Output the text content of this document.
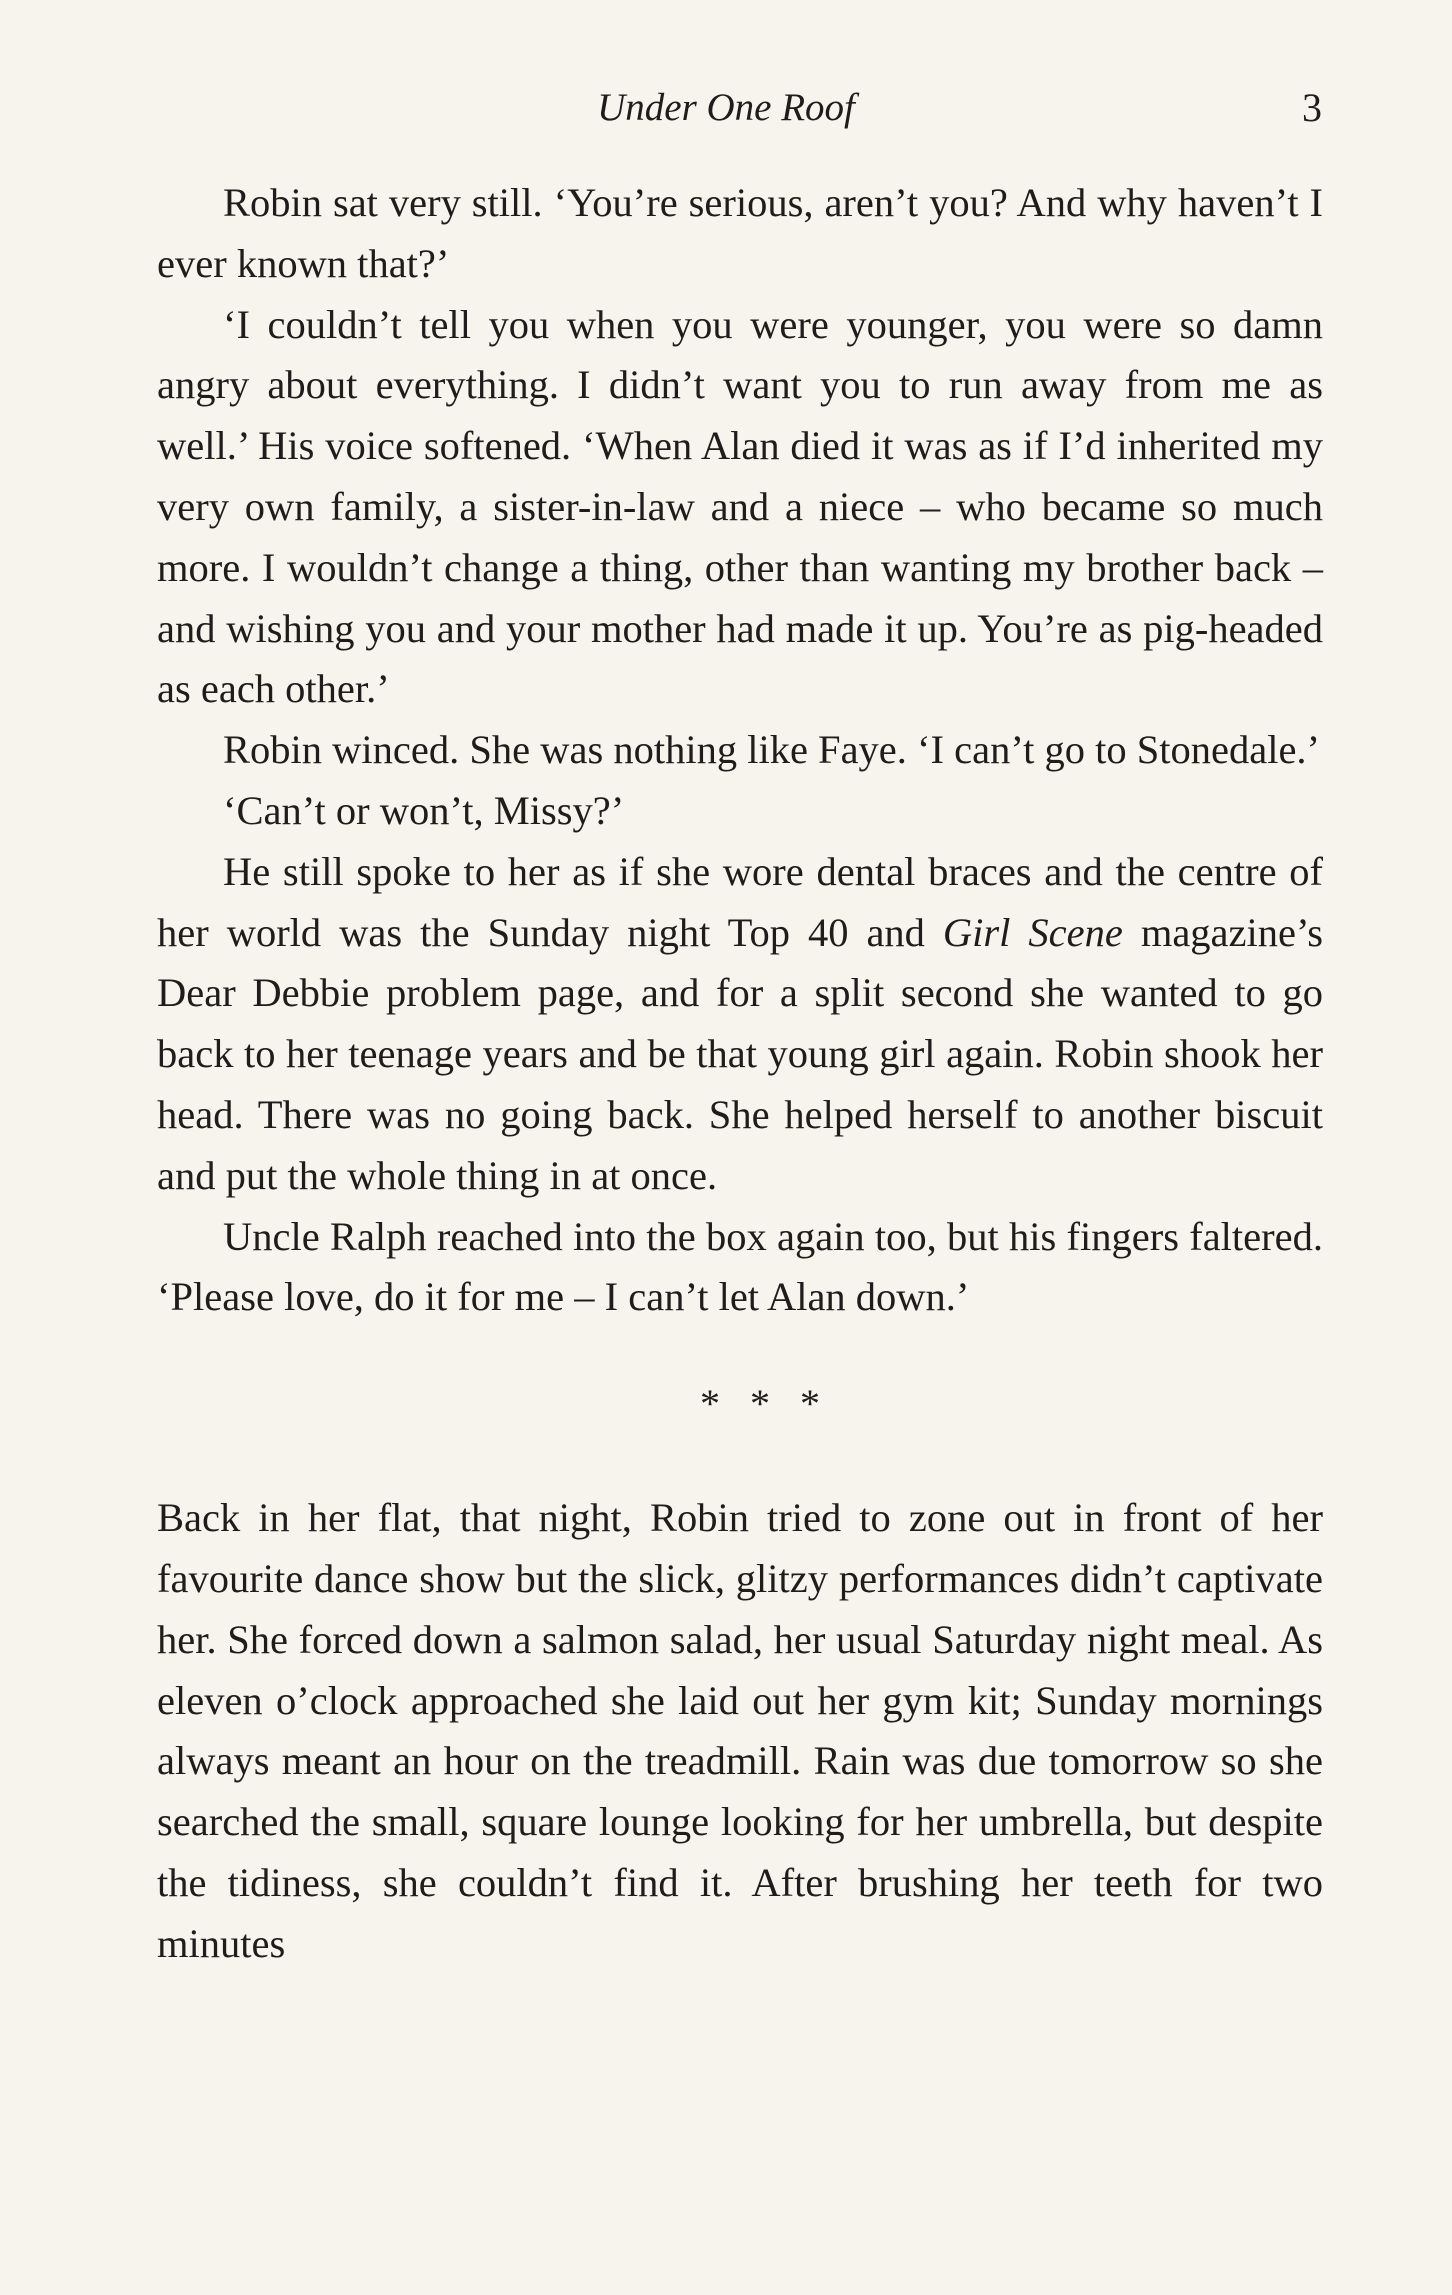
Under One Roof	3

Robin sat very still. ‘You’re serious, aren’t you? And why haven’t I ever known that?’

‘I couldn’t tell you when you were younger, you were so damn angry about everything. I didn’t want you to run away from me as well.’ His voice softened. ‘When Alan died it was as if I’d inherited my very own family, a sister-in-law and a niece – who became so much more. I wouldn’t change a thing, other than wanting my brother back – and wishing you and your mother had made it up. You’re as pig-headed as each other.’

Robin winced. She was nothing like Faye. ‘I can’t go to Stonedale.’

‘Can’t or won’t, Missy?’

He still spoke to her as if she wore dental braces and the centre of her world was the Sunday night Top 40 and Girl Scene magazine’s Dear Debbie problem page, and for a split second she wanted to go back to her teenage years and be that young girl again. Robin shook her head. There was no going back. She helped herself to another biscuit and put the whole thing in at once.

Uncle Ralph reached into the box again too, but his fingers faltered. ‘Please love, do it for me – I can’t let Alan down.’

* * *

Back in her flat, that night, Robin tried to zone out in front of her favourite dance show but the slick, glitzy performances didn’t captivate her. She forced down a salmon salad, her usual Saturday night meal. As eleven o’clock approached she laid out her gym kit; Sunday mornings always meant an hour on the treadmill. Rain was due tomorrow so she searched the small, square lounge looking for her umbrella, but despite the tidiness, she couldn’t find it. After brushing her teeth for two minutes
